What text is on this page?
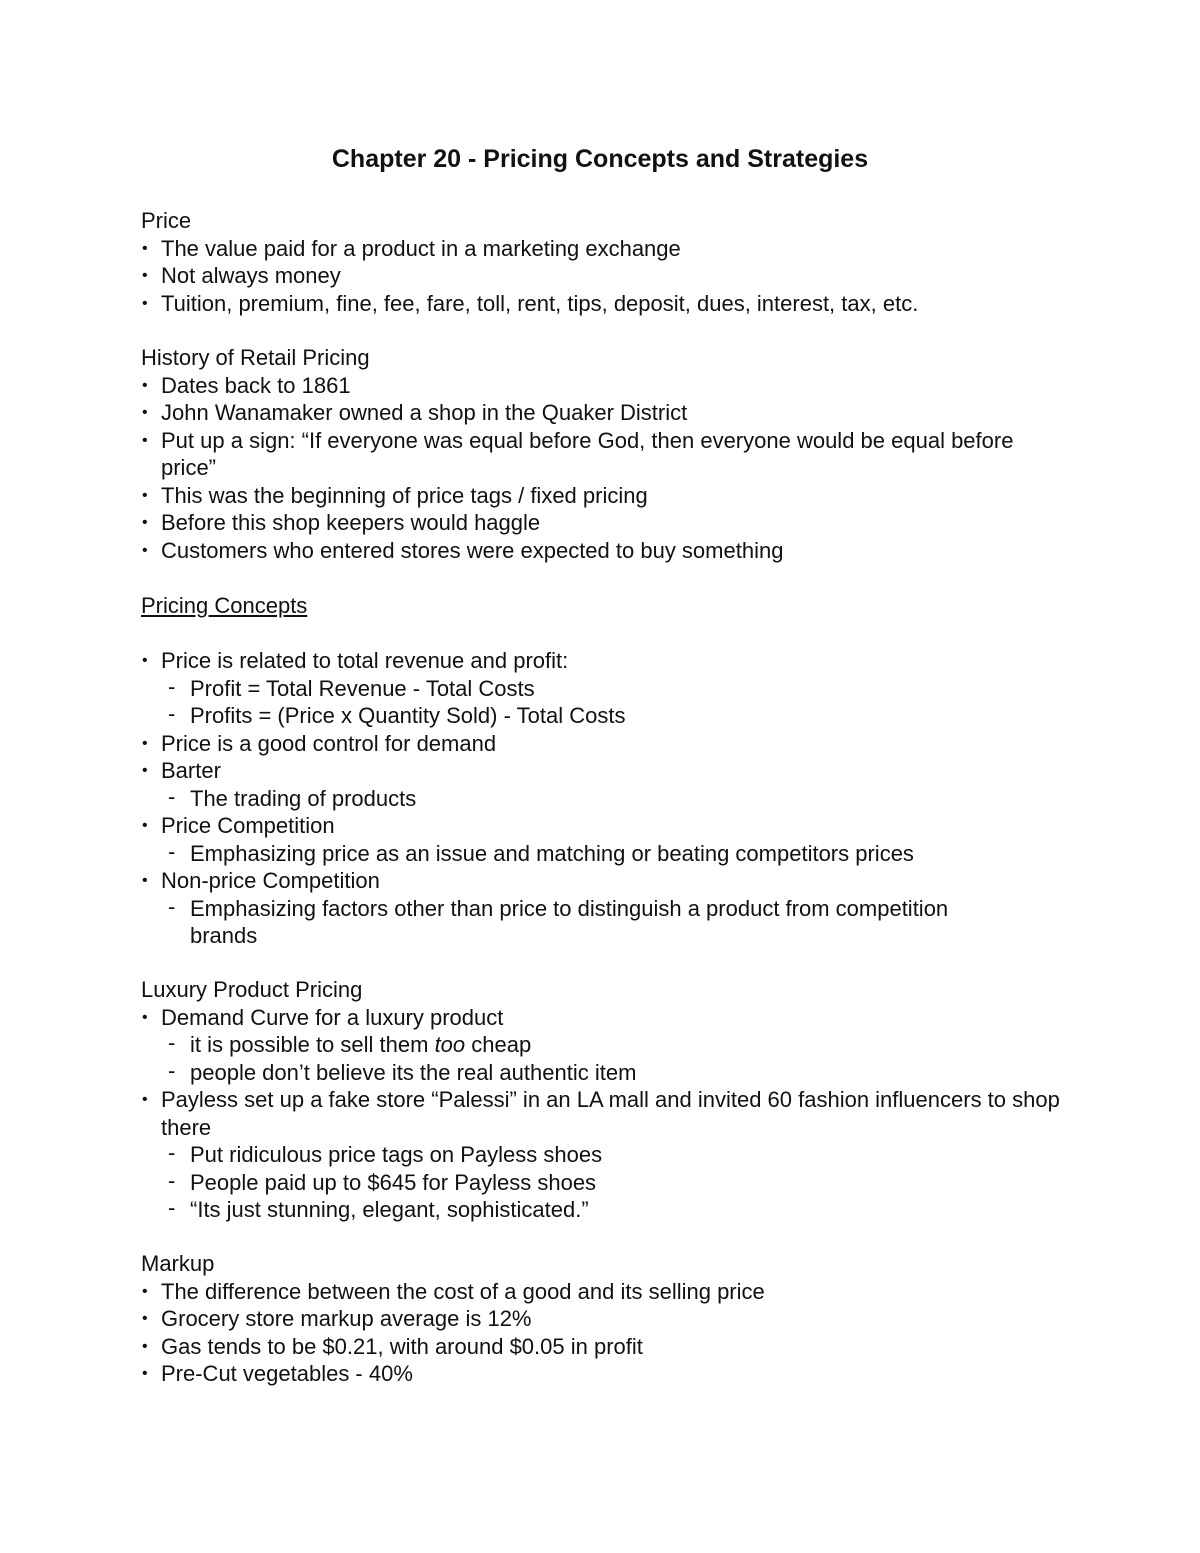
Chapter 20 - Pricing Concepts and Strategies
Price
• The value paid for a product in a marketing exchange
• Not always money
• Tuition, premium, fine, fee, fare, toll, rent, tips, deposit, dues, interest, tax, etc.
History of Retail Pricing
• Dates back to 1861
• John Wanamaker owned a shop in the Quaker District
• Put up a sign: “If everyone was equal before God, then everyone would be equal before price”
• This was the beginning of price tags / fixed pricing
• Before this shop keepers would haggle
• Customers who entered stores were expected to buy something
Pricing Concepts
• Price is related to total revenue and profit:
- Profit = Total Revenue - Total Costs
- Profits = (Price x Quantity Sold) - Total Costs
• Price is a good control for demand
• Barter
- The trading of products
• Price Competition
- Emphasizing price as an issue and matching or beating competitors prices
• Non-price Competition
- Emphasizing factors other than price to distinguish a product from competition brands
Luxury Product Pricing
• Demand Curve for a luxury product
- it is possible to sell them too cheap
- people don’t believe its the real authentic item
• Payless set up a fake store “Palessi” in an LA mall and invited 60 fashion influencers to shop there
- Put ridiculous price tags on Payless shoes
- People paid up to $645 for Payless shoes
- “Its just stunning, elegant, sophisticated.”
Markup
• The difference between the cost of a good and its selling price
• Grocery store markup average is 12%
• Gas tends to be $0.21, with around $0.05 in profit
• Pre-Cut vegetables - 40%
